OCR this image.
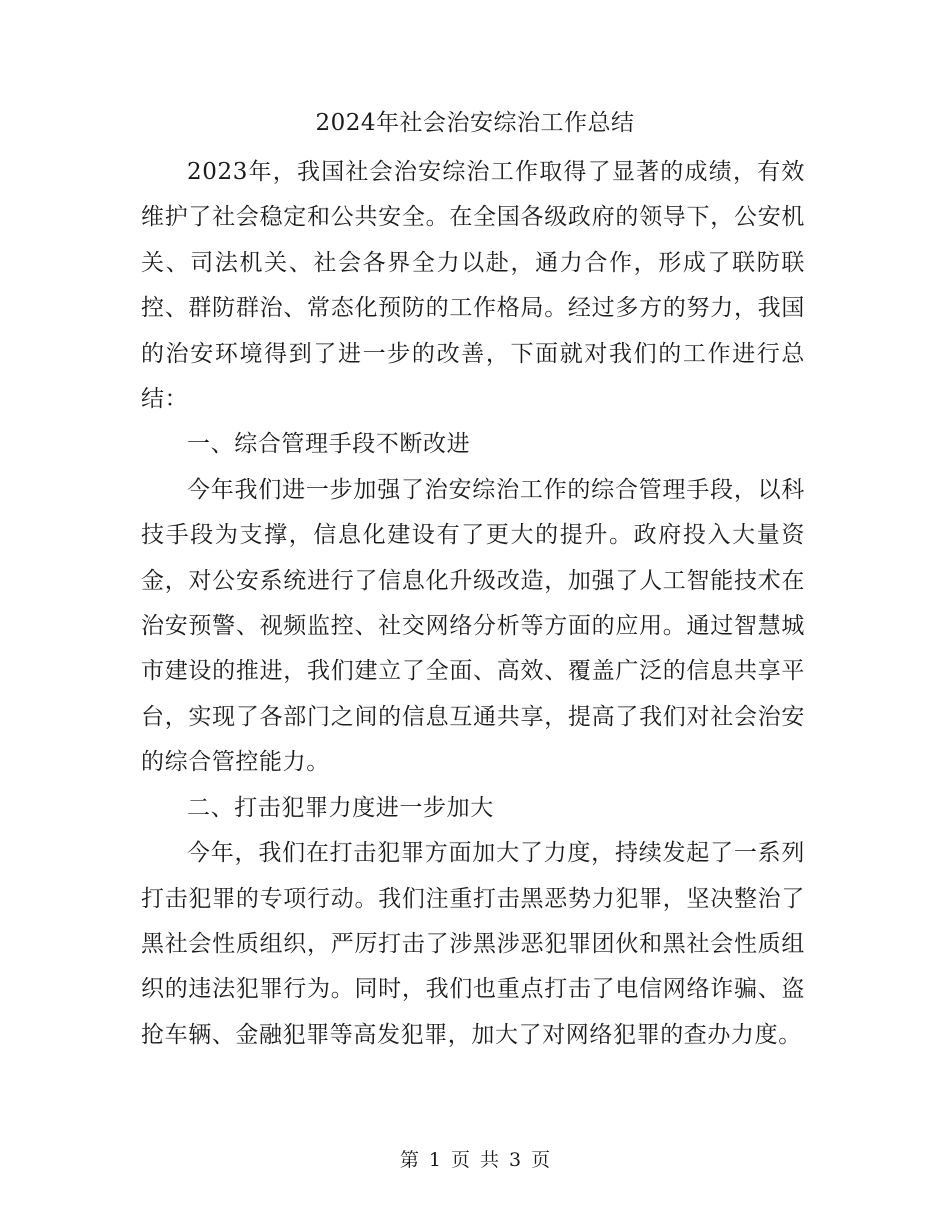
2024年社会治安综治工作总结

2023年，我国社会治安综治工作取得了显著的成绩，有效维护了社会稳定和公共安全。在全国各级政府的领导下，公安机关、司法机关、社会各界全力以赴，通力合作，形成了联防联控、群防群治、常态化预防的工作格局。经过多方的努力，我国的治安环境得到了进一步的改善，下面就对我们的工作进行总结：

一、综合管理手段不断改进

今年我们进一步加强了治安综治工作的综合管理手段，以科技手段为支撑，信息化建设有了更大的提升。政府投入大量资金，对公安系统进行了信息化升级改造，加强了人工智能技术在治安预警、视频监控、社交网络分析等方面的应用。通过智慧城市建设的推进，我们建立了全面、高效、覆盖广泛的信息共享平台，实现了各部门之间的信息互通共享，提高了我们对社会治安的综合管控能力。

二、打击犯罪力度进一步加大

今年，我们在打击犯罪方面加大了力度，持续发起了一系列打击犯罪的专项行动。我们注重打击黑恶势力犯罪，坚决整治了黑社会性质组织，严厉打击了涉黑涉恶犯罪团伙和黑社会性质组织的违法犯罪行为。同时，我们也重点打击了电信网络诈骗、盗抢车辆、金融犯罪等高发犯罪，加大了对网络犯罪的查办力度。

第 1 页 共 3 页
